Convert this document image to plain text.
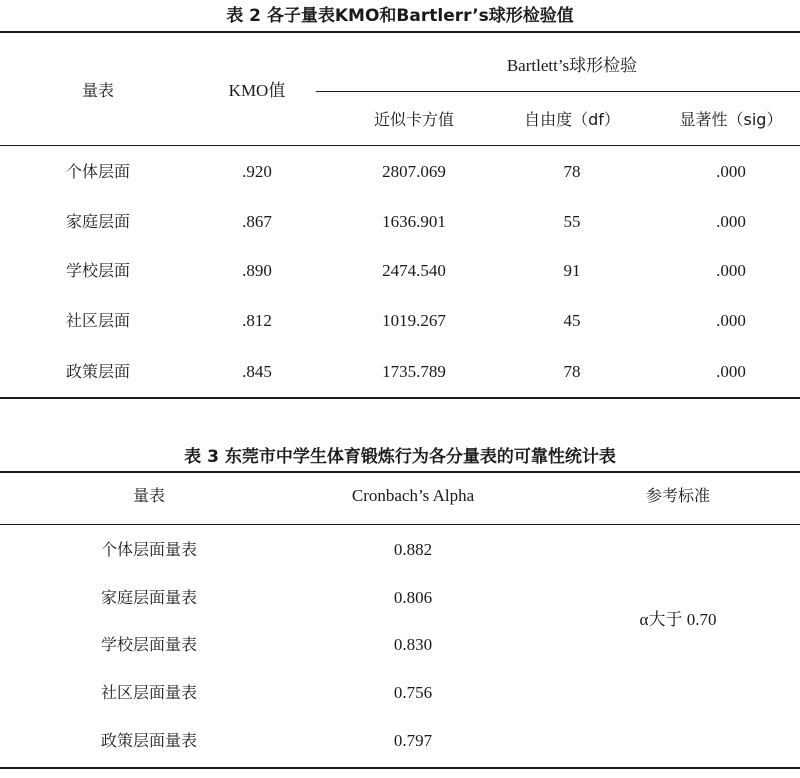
表 2 各子量表KMO和Bartlerr’s球形检验值
量表	KMO值
Bartlett’s球形检验
近似卡方值	自由度（df）	显著性（sig）
个体层面	.920	2807.069	78	.000
家庭层面	.867	1636.901	55	.000
学校层面	.890	2474.540	91	.000
社区层面	.812	1019.267	45	.000
政策层面	.845	1735.789	78	.000
表 3 东莞市中学生体育锻炼行为各分量表的可靠性统计表
量表	Cronbach’s Alpha	参考标准
个体层面量表	0.882
家庭层面量表	0.806
学校层面量表	0.830
社区层面量表	0.756
政策层面量表	0.797
α大于 0.70
